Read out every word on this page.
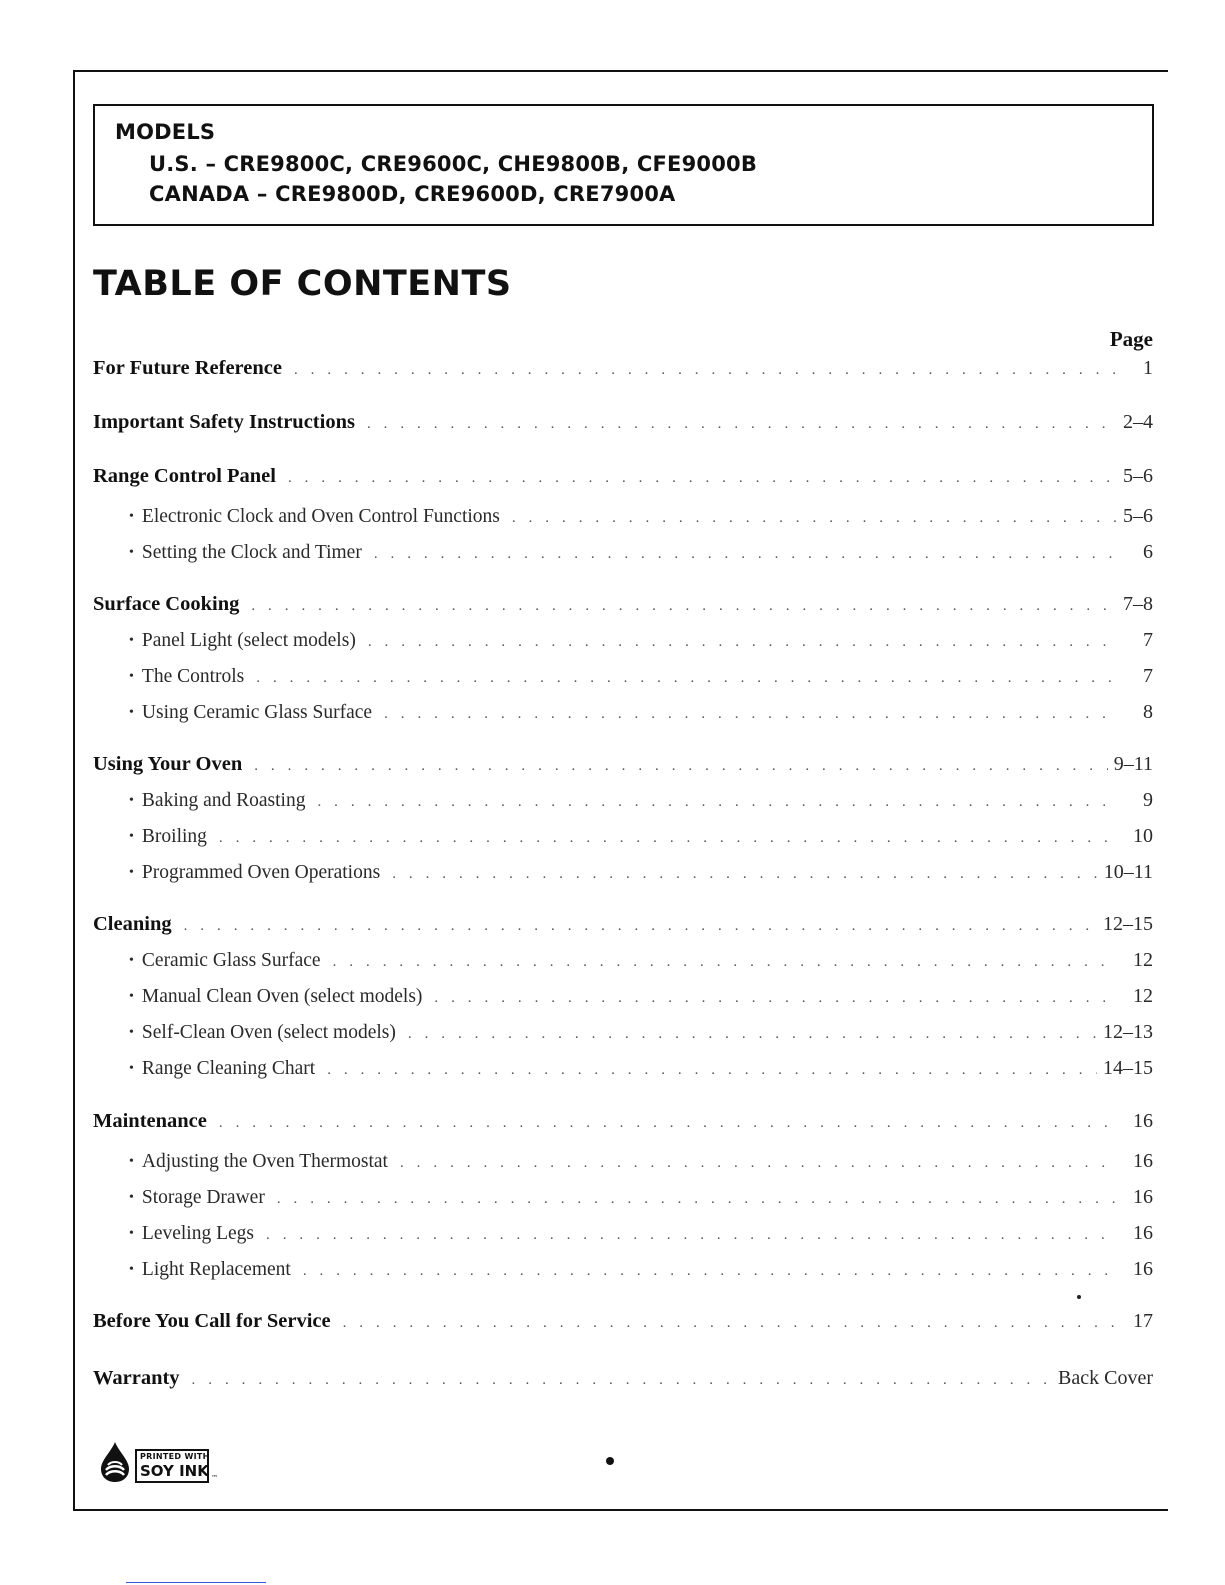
MODELS
U.S. – CRE9800C, CRE9600C, CHE9800B, CFE9000B
CANADA – CRE9800D, CRE9600D, CRE7900A
TABLE OF CONTENTS
Page
For Future Reference . . .	1
Important Safety Instructions . . .	2–4
Range Control Panel . . .	5–6
• Electronic Clock and Oven Control Functions . . .	5–6
• Setting the Clock and Timer . . .	6
Surface Cooking . . .	7–8
• Panel Light (select models) . . .	7
• The Controls . . .	7
• Using Ceramic Glass Surface . . .	8
Using Your Oven . . .	9–11
• Baking and Roasting . . .	9
• Broiling . . .	10
• Programmed Oven Operations . . .	10–11
Cleaning . . .	12–15
• Ceramic Glass Surface . . .	12
• Manual Clean Oven (select models) . . .	12
• Self-Clean Oven (select models) . . .	12–13
• Range Cleaning Chart . . .	14–15
Maintenance . . .	16
• Adjusting the Oven Thermostat . . .	16
• Storage Drawer . . .	16
• Leveling Legs . . .	16
• Light Replacement . . .	16
Before You Call for Service . . .	17
Warranty . . .	Back Cover
PRINTED WITH
SOY INK ™
